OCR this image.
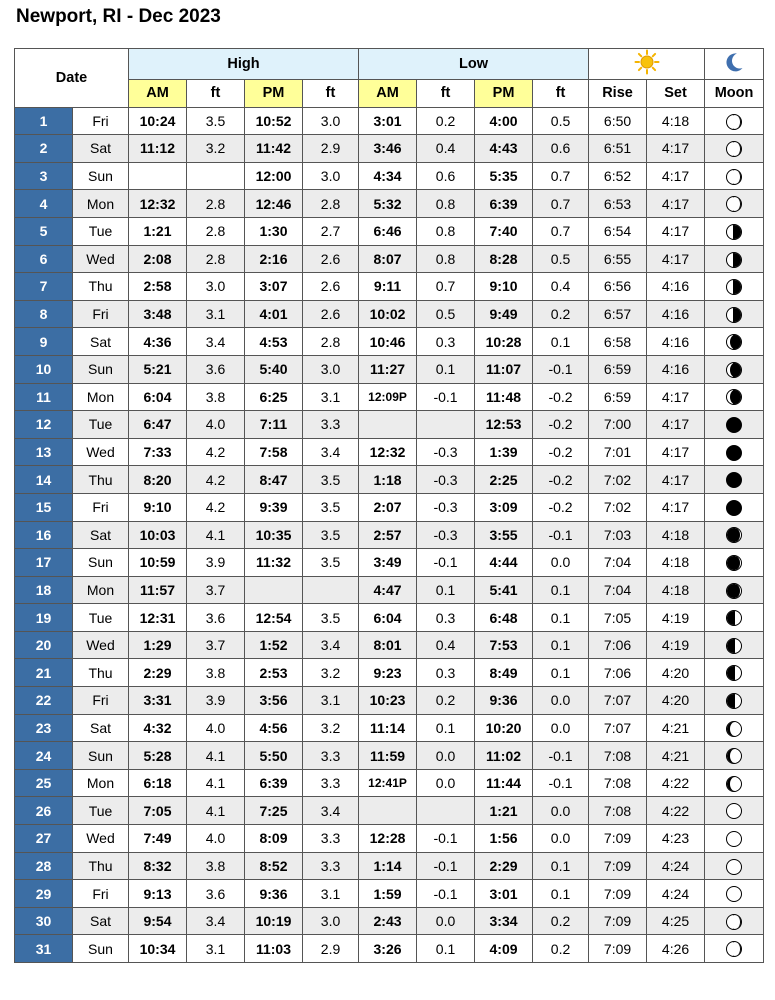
Newport, RI - Dec 2023
Date		High				Low		
		AM	ft	PM	ft	AM	ft	PM	ft	Rise	Set	Moon
1	Fri	10:24	3.5	10:52	3.0	3:01	0.2	4:00	0.5	6:50	4:18	

2	Sat	11:12	3.2	11:42	2.9	3:46	0.4	4:43	0.6	6:51	4:17	

3	Sun			12:00	3.0	4:34	0.6	5:35	0.7	6:52	4:17	

4	Mon	12:32	2.8	12:46	2.8	5:32	0.8	6:39	0.7	6:53	4:17	

5	Tue	1:21	2.8	1:30	2.7	6:46	0.8	7:40	0.7	6:54	4:17	

6	Wed	2:08	2.8	2:16	2.6	8:07	0.8	8:28	0.5	6:55	4:17	

7	Thu	2:58	3.0	3:07	2.6	9:11	0.7	9:10	0.4	6:56	4:16	

8	Fri	3:48	3.1	4:01	2.6	10:02	0.5	9:49	0.2	6:57	4:16	

9	Sat	4:36	3.4	4:53	2.8	10:46	0.3	10:28	0.1	6:58	4:16	

10	Sun	5:21	3.6	5:40	3.0	11:27	0.1	11:07	-0.1	6:59	4:16	

11	Mon	6:04	3.8	6:25	3.1	12:09P	-0.1	11:48	-0.2	6:59	4:17	

12	Tue	6:47	4.0	7:11	3.3			12:53	-0.2	7:00	4:17	
13	Wed	7:33	4.2	7:58	3.4	12:32	-0.3	1:39	-0.2	7:01	4:17	
14	Thu	8:20	4.2	8:47	3.5	1:18	-0.3	2:25	-0.2	7:02	4:17	
15	Fri	9:10	4.2	9:39	3.5	2:07	-0.3	3:09	-0.2	7:02	4:17	
16	Sat	10:03	4.1	10:35	3.5	2:57	-0.3	3:55	-0.1	7:03	4:18	

17	Sun	10:59	3.9	11:32	3.5	3:49	-0.1	4:44	0.0	7:04	4:18	

18	Mon	11:57	3.7			4:47	0.1	5:41	0.1	7:04	4:18	

19	Tue	12:31	3.6	12:54	3.5	6:04	0.3	6:48	0.1	7:05	4:19	

20	Wed	1:29	3.7	1:52	3.4	8:01	0.4	7:53	0.1	7:06	4:19	

21	Thu	2:29	3.8	2:53	3.2	9:23	0.3	8:49	0.1	7:06	4:20	

22	Fri	3:31	3.9	3:56	3.1	10:23	0.2	9:36	0.0	7:07	4:20	

23	Sat	4:32	4.0	4:56	3.2	11:14	0.1	10:20	0.0	7:07	4:21	

24	Sun	5:28	4.1	5:50	3.3	11:59	0.0	11:02	-0.1	7:08	4:21	

25	Mon	6:18	4.1	6:39	3.3	12:41P	0.0	11:44	-0.1	7:08	4:22	

26	Tue	7:05	4.1	7:25	3.4			1:21	0.0	7:08	4:22	
27	Wed	7:49	4.0	8:09	3.3	12:28	-0.1	1:56	0.0	7:09	4:23	
28	Thu	8:32	3.8	8:52	3.3	1:14	-0.1	2:29	0.1	7:09	4:24	
29	Fri	9:13	3.6	9:36	3.1	1:59	-0.1	3:01	0.1	7:09	4:24	
30	Sat	9:54	3.4	10:19	3.0	2:43	0.0	3:34	0.2	7:09	4:25	

31	Sun	10:34	3.1	11:03	2.9	3:26	0.1	4:09	0.2	7:09	4:26	
